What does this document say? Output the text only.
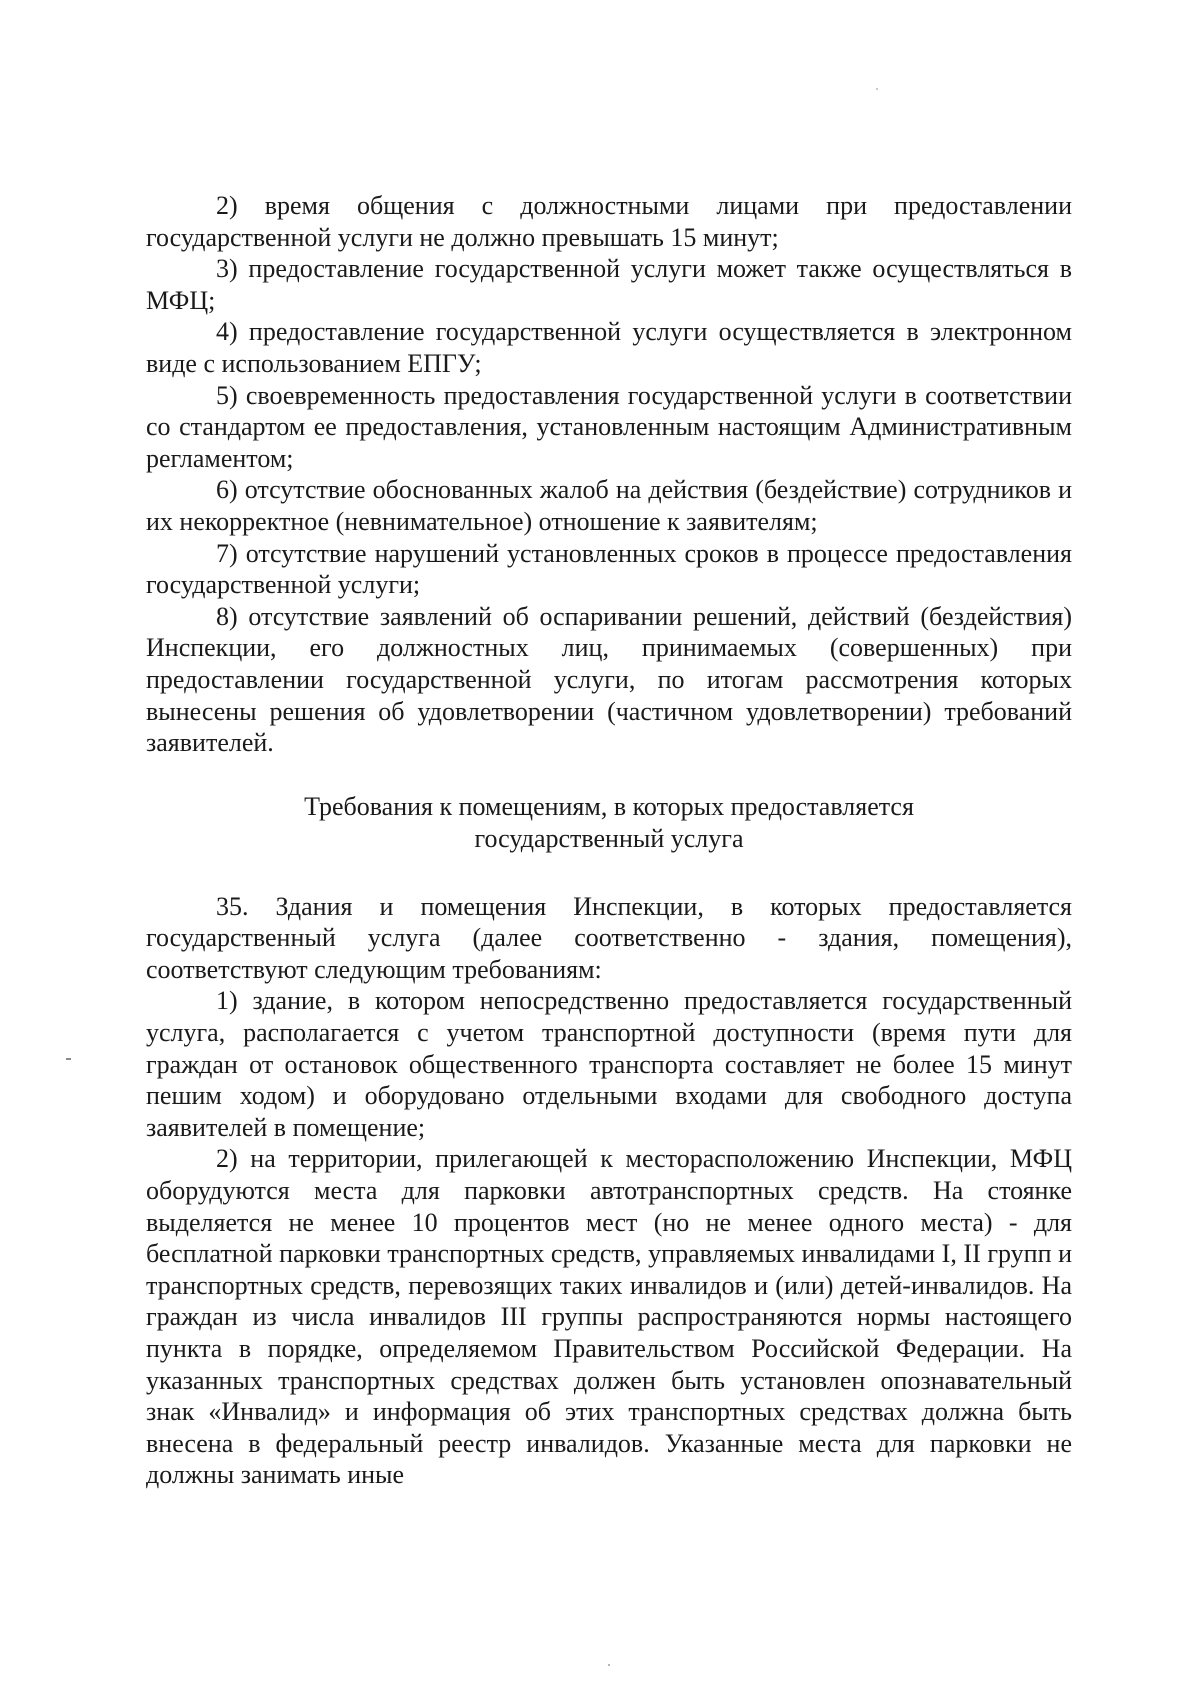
2) время общения с должностными лицами при предоставлении государственной услуги не должно превышать 15 минут;

3) предоставление государственной услуги может также осуществляться в МФЦ;

4) предоставление государственной услуги осуществляется в электронном виде с использованием ЕПГУ;

5) своевременность предоставления государственной услуги в соответствии со стандартом ее предоставления, установленным настоящим Административным регламентом;

6) отсутствие обоснованных жалоб на действия (бездействие) сотрудников и их некорректное (невнимательное) отношение к заявителям;

7) отсутствие нарушений установленных сроков в процессе предоставления государственной услуги;

8) отсутствие заявлений об оспаривании решений, действий (бездействия) Инспекции, его должностных лиц, принимаемых (совершенных) при предоставлении государственной услуги, по итогам рассмотрения которых вынесены решения об удовлетворении (частичном удовлетворении) требований заявителей.

Требования к помещениям, в которых предоставляется
государственный услуга

35. Здания и помещения Инспекции, в которых предоставляется государственный услуга (далее соответственно - здания, помещения), соответствуют следующим требованиям:

1) здание, в котором непосредственно предоставляется государственный услуга, располагается с учетом транспортной доступности (время пути для граждан от остановок общественного транспорта составляет не более 15 минут пешим ходом) и оборудовано отдельными входами для свободного доступа заявителей в помещение;

2) на территории, прилегающей к месторасположению Инспекции, МФЦ оборудуются места для парковки автотранспортных средств. На стоянке выделяется не менее 10 процентов мест (но не менее одного места) - для бесплатной парковки транспортных средств, управляемых инвалидами I, II групп и транспортных средств, перевозящих таких инвалидов и (или) детей-инвалидов. На граждан из числа инвалидов III группы распространяются нормы настоящего пункта в порядке, определяемом Правительством Российской Федерации. На указанных транспортных средствах должен быть установлен опознавательный знак «Инвалид» и информация об этих транспортных средствах должна быть внесена в федеральный реестр инвалидов. Указанные места для парковки не должны занимать иные
